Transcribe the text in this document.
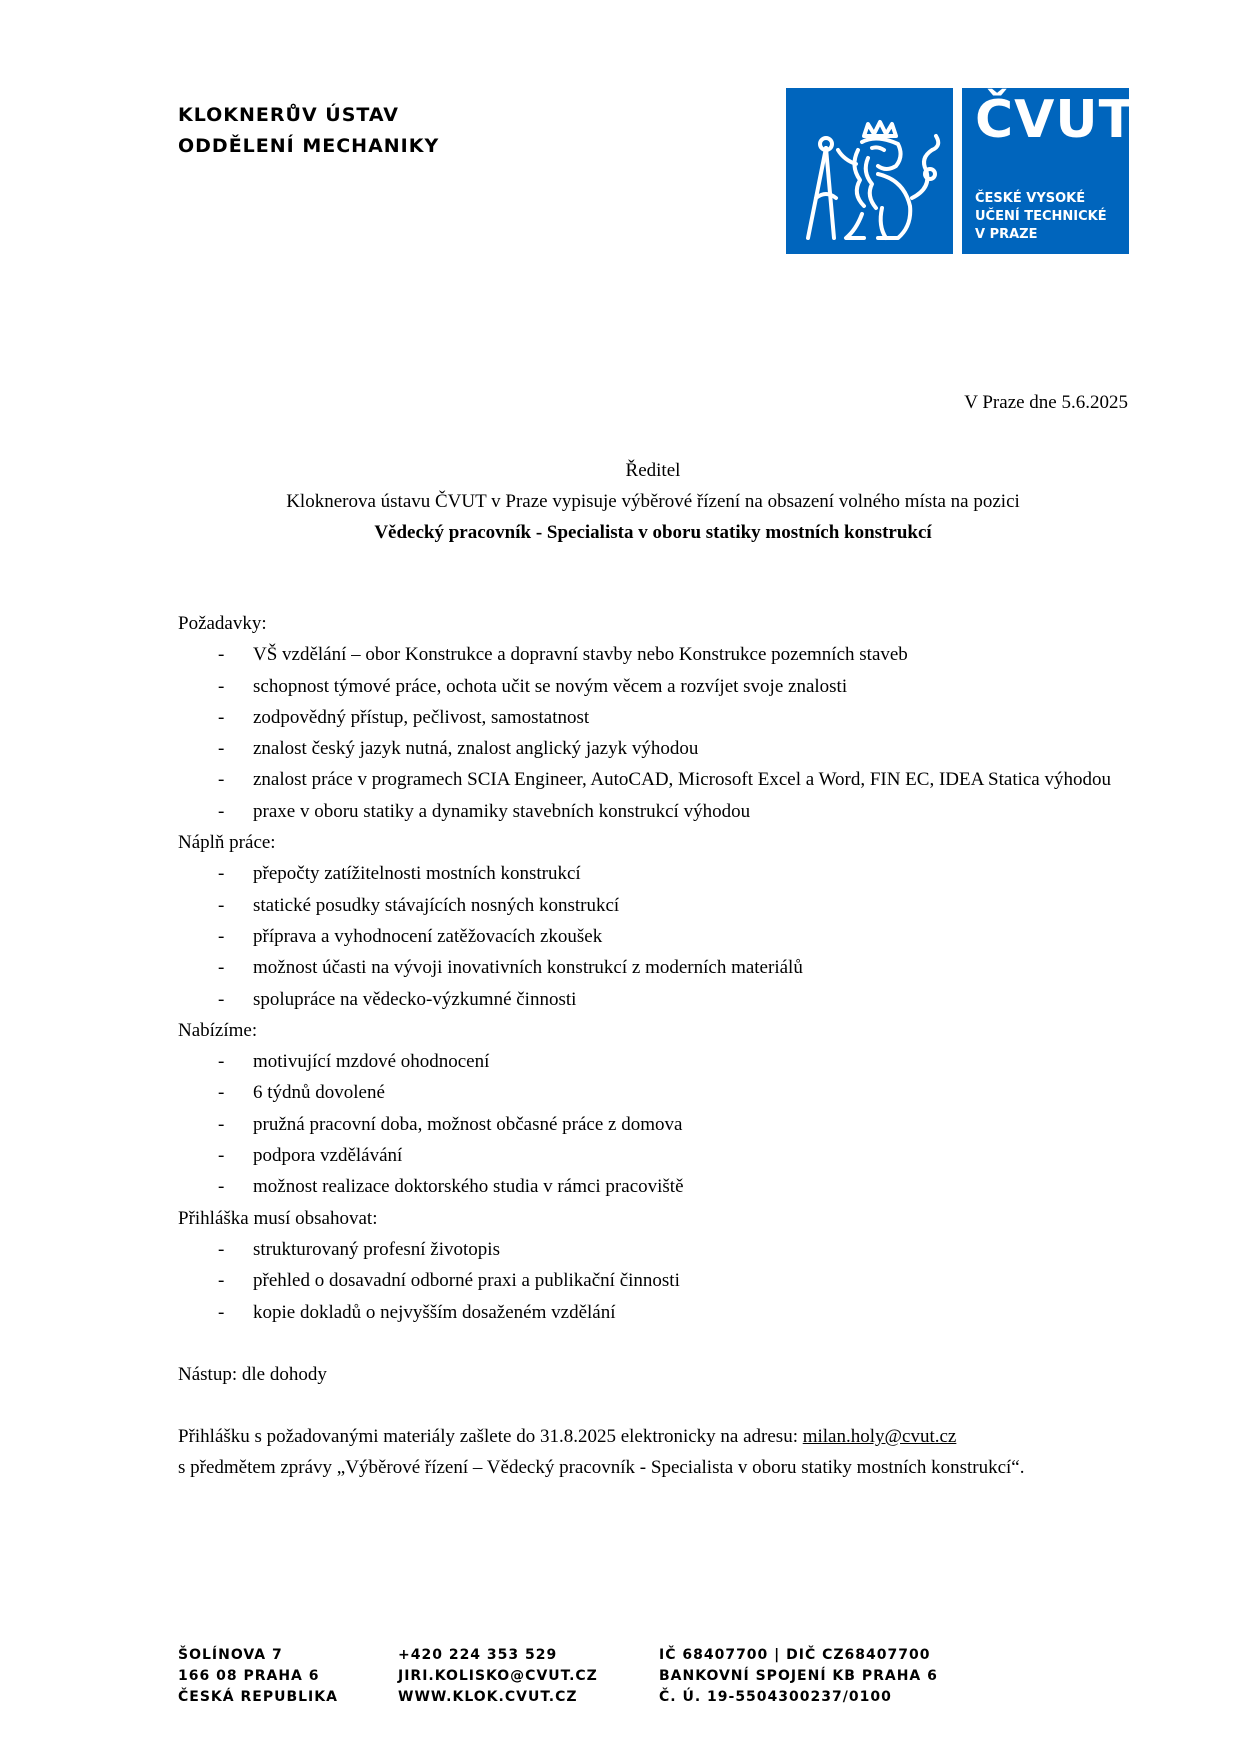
KLOKNERŮV ÚSTAV
ODDĚLENÍ MECHANIKY	ČVUT
ČESKÉ VYSOKÉ
UČENÍ TECHNICKÉ
V PRAZE
V Praze dne 5.6.2025
Ředitel
Kloknerova ústavu ČVUT v Praze vypisuje výběrové řízení na obsazení volného místa na pozici
Vědecký pracovník - Specialista v oboru statiky mostních konstrukcí
Požadavky:
- VŠ vzdělání – obor Konstrukce a dopravní stavby nebo Konstrukce pozemních staveb
- schopnost týmové práce, ochota učit se novým věcem a rozvíjet svoje znalosti
- zodpovědný přístup, pečlivost, samostatnost
- znalost český jazyk nutná, znalost anglický jazyk výhodou
- znalost práce v programech SCIA Engineer, AutoCAD, Microsoft Excel a Word, FIN EC, IDEA Statica výhodou
- praxe v oboru statiky a dynamiky stavebních konstrukcí výhodou
Náplň práce:
- přepočty zatížitelnosti mostních konstrukcí
- statické posudky stávajících nosných konstrukcí
- příprava a vyhodnocení zatěžovacích zkoušek
- možnost účasti na vývoji inovativních konstrukcí z moderních materiálů
- spolupráce na vědecko-výzkumné činnosti
Nabízíme:
- motivující mzdové ohodnocení
- 6 týdnů dovolené
- pružná pracovní doba, možnost občasné práce z domova
- podpora vzdělávání
- možnost realizace doktorského studia v rámci pracoviště
Přihláška musí obsahovat:
- strukturovaný profesní životopis
- přehled o dosavadní odborné praxi a publikační činnosti
- kopie dokladů o nejvyšším dosaženém vzdělání
Nástup: dle dohody
Přihlášku s požadovanými materiály zašlete do 31.8.2025 elektronicky na adresu: milan.holy@cvut.cz
s předmětem zprávy „Výběrové řízení – Vědecký pracovník - Specialista v oboru statiky mostních konstrukcí“.
ŠOLÍNOVA 7
166 08 PRAHA 6
ČESKÁ REPUBLIKA
+420 224 353 529
JIRI.KOLISKO@CVUT.CZ
WWW.KLOK.CVUT.CZ
IČ 68407700 | DIČ CZ68407700
BANKOVNÍ SPOJENÍ KB PRAHA 6
Č. Ú. 19-5504300237/0100
